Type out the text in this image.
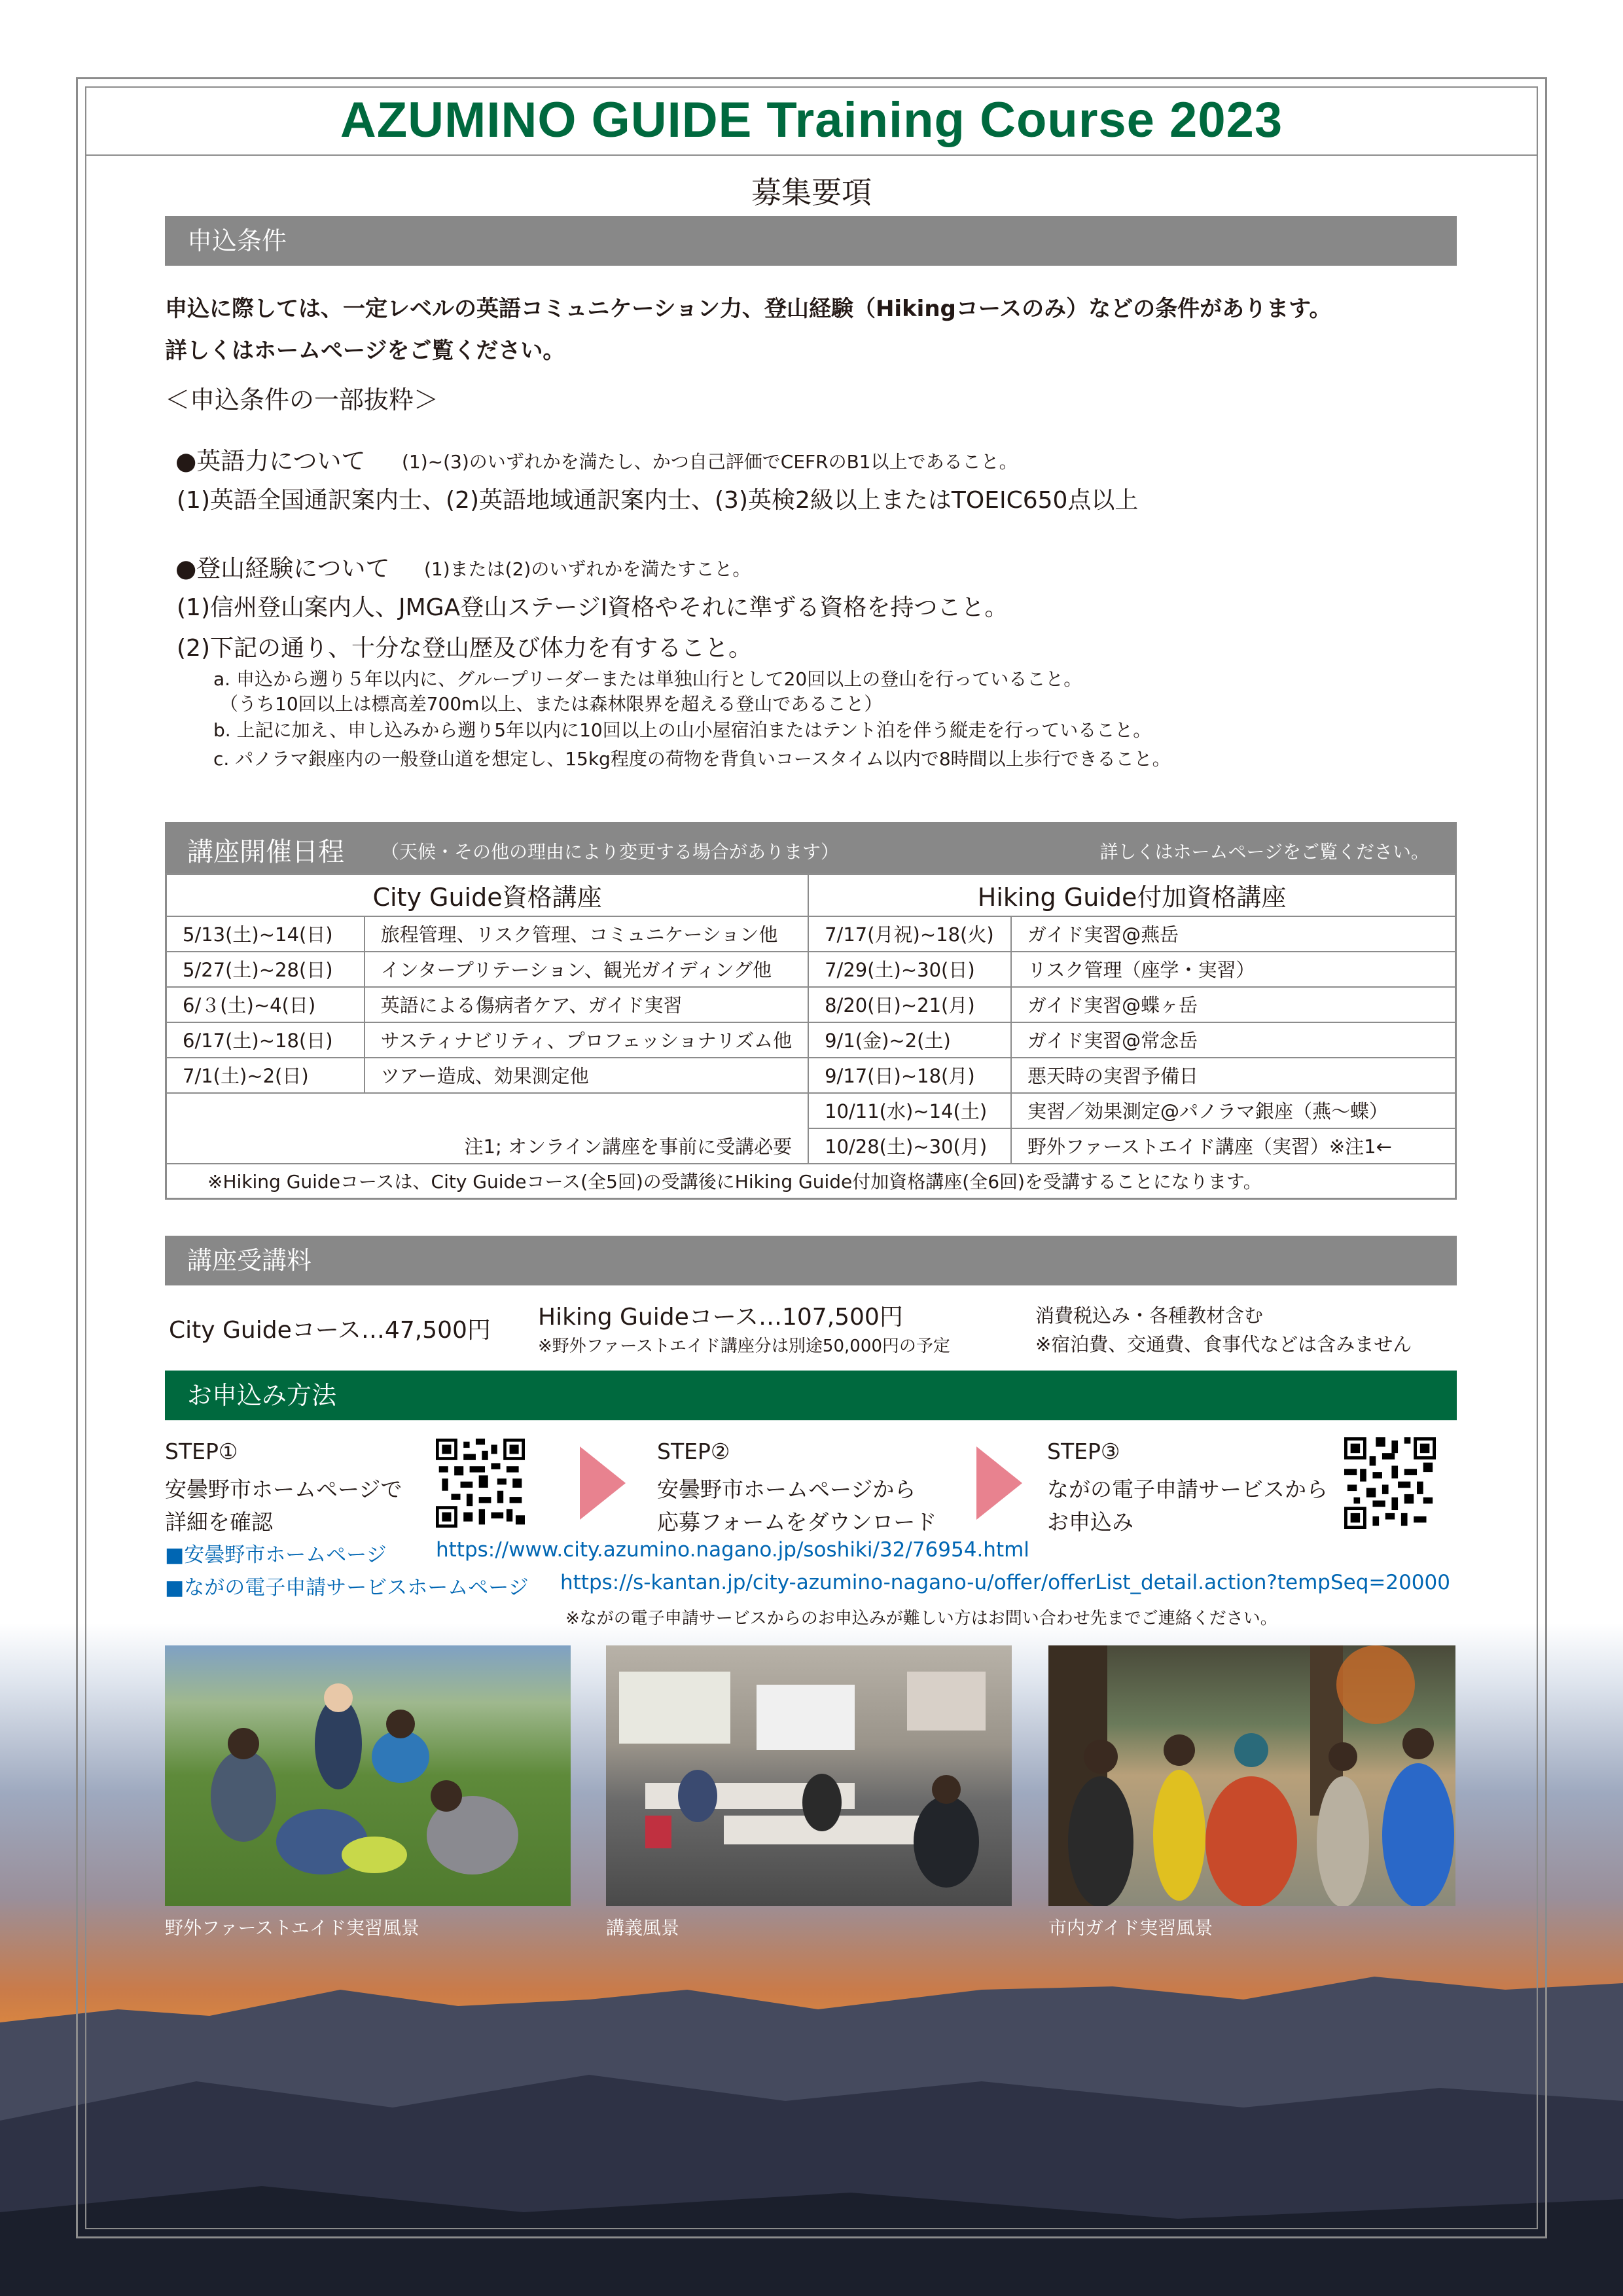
AZUMINO GUIDE Training Course 2023
募集要項
申込条件
申込に際しては、一定レベルの英語コミュニケーション力、登山経験（Hikingコースのみ）などの条件があります。
詳しくはホームページをご覧ください。
＜申込条件の一部抜粋＞
●英語力について (1)~(3)のいずれかを満たし、かつ自己評価でCEFRのB1以上であること。
(1)英語全国通訳案内士、(2)英語地域通訳案内士、(3)英検2級以上またはTOEIC650点以上
●登山経験について (1)または(2)のいずれかを満たすこと。
(1)信州登山案内人、JMGA登山ステージⅠ資格やそれに準ずる資格を持つこと。
(2)下記の通り、十分な登山歴及び体力を有すること。
a. 申込から遡り５年以内に、グループリーダーまたは単独山行として20回以上の登山を行っていること。
（うち10回以上は標高差700m以上、または森林限界を超える登山であること）
b. 上記に加え、申し込みから遡り5年以内に10回以上の山小屋宿泊またはテント泊を伴う縦走を行っていること。
c. パノラマ銀座内の一般登山道を想定し、15kg程度の荷物を背負いコースタイム以内で8時間以上歩行できること。
講座開催日程 （天候・その他の理由により変更する場合があります）	詳しくはホームページをご覧ください。
City Guide資格講座		Hiking Guide付加資格講座	
5/13(土)~14(日)	旅程管理、リスク管理、コミュニケーション他	7/17(月祝)~18(火)	ガイド実習@燕岳
5/27(土)~28(日)	インタープリテーション、観光ガイディング他	7/29(土)~30(日)	リスク管理（座学・実習）
6/３(土)~4(日)	英語による傷病者ケア、ガイド実習	8/20(日)~21(月)	ガイド実習@蝶ヶ岳
6/17(土)~18(日)	サスティナビリティ、プロフェッショナリズム他	9/1(金)~2(土)	ガイド実習@常念岳
7/1(土)~2(日)	ツアー造成、効果測定他	9/17(日)~18(月)	悪天時の実習予備日
		10/11(水)~14(土)	実習／効果測定@パノラマ銀座（燕～蝶）
注1; オンライン講座を事前に受講必要		10/28(土)~30(月)	野外ファーストエイド講座（実習）※注1←
※Hiking Guideコースは、City Guideコース(全5回)の受講後にHiking Guide付加資格講座(全6回)を受講することになります。			
講座受講料
City Guideコース…47,500円 Hiking Guideコース…107,500円
※野外ファーストエイド講座分は別途50,000円の予定
消費税込み・各種教材含む
※宿泊費、交通費、食事代などは含みません
お申込み方法
STEP①
安曇野市ホームページで
詳細を確認
STEP②
安曇野市ホームページから
応募フォームをダウンロード
STEP③
ながの電子申請サービスから
お申込み
■安曇野市ホームページ https://www.city.azumino.nagano.jp/soshiki/32/76954.html
■ながの電子申請サービスホームページ https://s-kantan.jp/city-azumino-nagano-u/offer/offerList_detail.action?tempSeq=20000
※ながの電子申請サービスからのお申込みが難しい方はお問い合わせ先までご連絡ください。
野外ファーストエイド実習風景	講義風景	市内ガイド実習風景
